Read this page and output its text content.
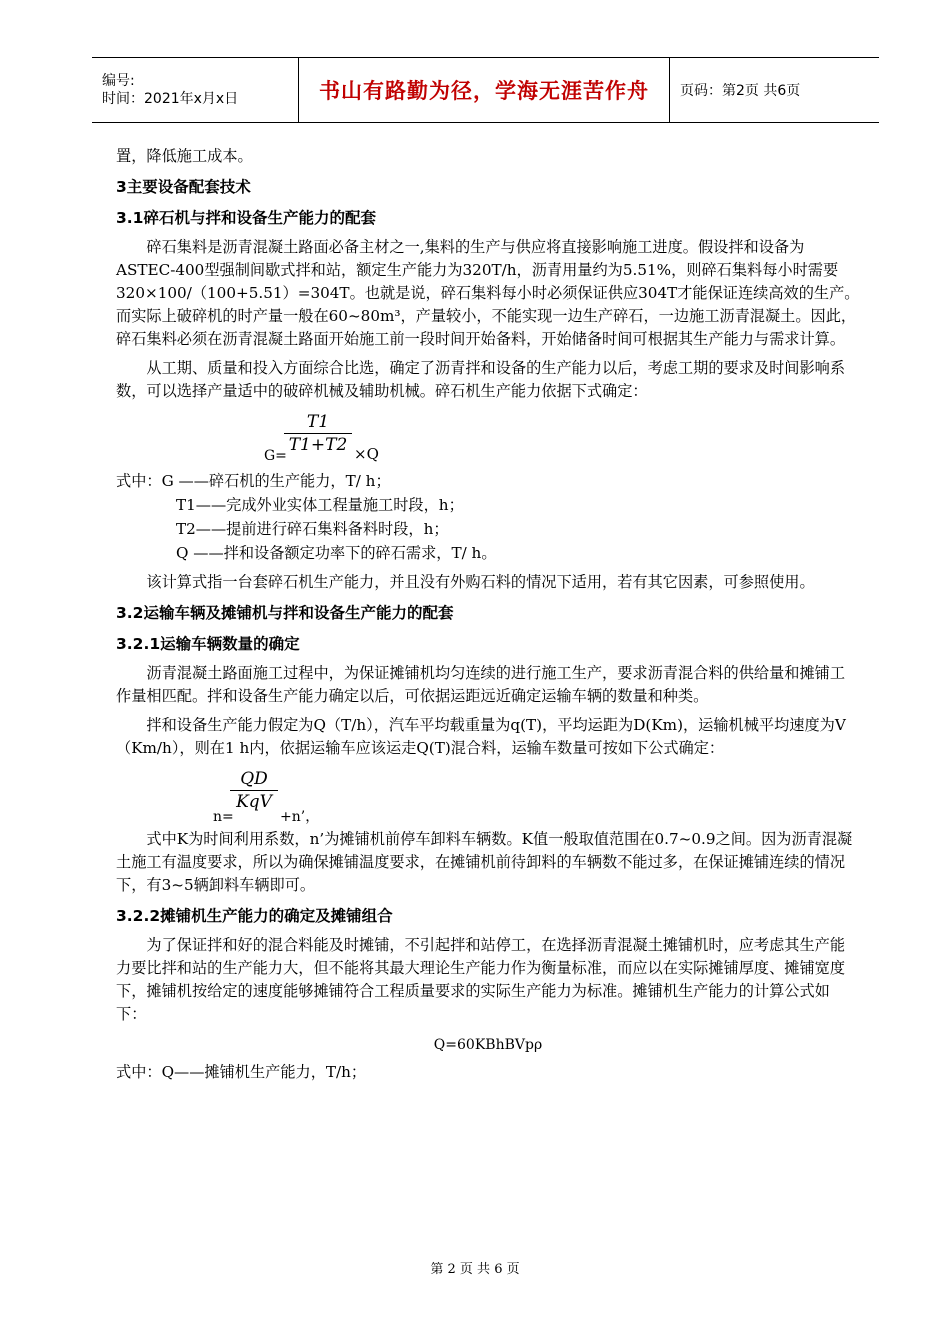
编号:
时间：2021年x月x日	书山有路勤为径，学海无涯苦作舟	页码：第2页 共6页

置，降低施工成本。

3主要设备配套技术

3.1碎石机与拌和设备生产能力的配套

碎石集料是沥青混凝土路面必备主材之一,集料的生产与供应将直接影响施工进度。假设拌和设备为ASTEC-400型强制间歇式拌和站，额定生产能力为320T/h，沥青用量约为5.51%，则碎石集料每小时需要320×100/（100+5.51）=304T。也就是说，碎石集料每小时必须保证供应304T才能保证连续高效的生产。而实际上破碎机的时产量一般在60~80m³，产量较小，不能实现一边生产碎石，一边施工沥青混凝土。因此，碎石集料必须在沥青混凝土路面开始施工前一段时间开始备料，开始储备时间可根据其生产能力与需求计算。

从工期、质量和投入方面综合比选，确定了沥青拌和设备的生产能力以后，考虑工期的要求及时间影响系数，可以选择产量适中的破碎机械及辅助机械。碎石机生产能力依据下式确定：

G=
T1
T1+T2 ×Q

式中：G ——碎石机的生产能力，T/ h；

T1——完成外业实体工程量施工时段，h；

T2——提前进行碎石集料备料时段，h；

Q ——拌和设备额定功率下的碎石需求，T/ h。

该计算式指一台套碎石机生产能力，并且没有外购石料的情况下适用，若有其它因素，可参照使用。

3.2运输车辆及摊铺机与拌和设备生产能力的配套

3.2.1运输车辆数量的确定

沥青混凝土路面施工过程中，为保证摊铺机均匀连续的进行施工生产，要求沥青混合料的供给量和摊铺工作量相匹配。拌和设备生产能力确定以后，可依据运距远近确定运输车辆的数量和种类。

拌和设备生产能力假定为Q（T/h），汽车平均载重量为q(T)，平均运距为D(Km)，运输机械平均速度为V（Km/h），则在1 h内，依据运输车应该运走Q(T)混合料，运输车数量可按如下公式确定：

n=
QD
KqV
+n’，

式中K为时间利用系数，n’为摊铺机前停车卸料车辆数。K值一般取值范围在0.7~0.9之间。因为沥青混凝土施工有温度要求，所以为确保摊铺温度要求，在摊铺机前待卸料的车辆数不能过多，在保证摊铺连续的情况下，有3~5辆卸料车辆即可。

3.2.2摊铺机生产能力的确定及摊铺组合

为了保证拌和好的混合料能及时摊铺，不引起拌和站停工，在选择沥青混凝土摊铺机时，应考虑其生产能力要比拌和站的生产能力大，但不能将其最大理论生产能力作为衡量标准，而应以在实际摊铺厚度、摊铺宽度下，摊铺机按给定的速度能够摊铺符合工程质量要求的实际生产能力为标准。摊铺机生产能力的计算公式如下：

Q=60KBhBVpρ

式中：Q——摊铺机生产能力，T/h；

第 2 页 共 6 页
